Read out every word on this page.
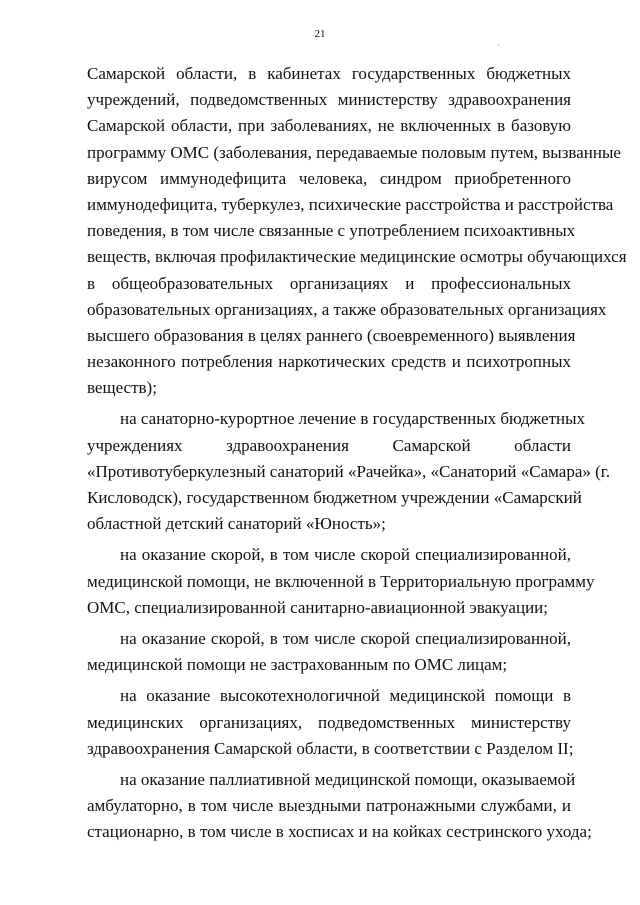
21
·
Самарской области, в кабинетах государственных бюджетных
учреждений, подведомственных министерству здравоохранения
Самарской области, при заболеваниях, не включенных в базовую
программу ОМС (заболевания, передаваемые половым путем, вызванные
вирусом иммунодефицита человека, синдром приобретенного
иммунодефицита, туберкулез, психические расстройства и расстройства
поведения, в том числе связанные с употреблением психоактивных
веществ, включая профилактические медицинские осмотры обучающихся
в общеобразовательных организациях и профессиональных
образовательных организациях, а также образовательных организациях
высшего образования в целях раннего (своевременного) выявления
незаконного потребления наркотических средств и психотропных
веществ);
на санаторно-курортное лечение в государственных бюджетных
учреждениях здравоохранения Самарской области
«Противотуберкулезный санаторий «Рачейка», «Санаторий «Самара» (г.
Кисловодск), государственном бюджетном учреждении «Самарский
областной детский санаторий «Юность»;
на оказание скорой, в том числе скорой специализированной,
медицинской помощи, не включенной в Территориальную программу
ОМС, специализированной санитарно-авиационной эвакуации;
на оказание скорой, в том числе скорой специализированной,
медицинской помощи не застрахованным по ОМС лицам;
на оказание высокотехнологичной медицинской помощи в
медицинских организациях, подведомственных министерству
здравоохранения Самарской области, в соответствии с Разделом II;
на оказание паллиативной медицинской помощи, оказываемой
амбулаторно, в том числе выездными патронажными службами, и
стационарно, в том числе в хосписах и на койках сестринского ухода;
